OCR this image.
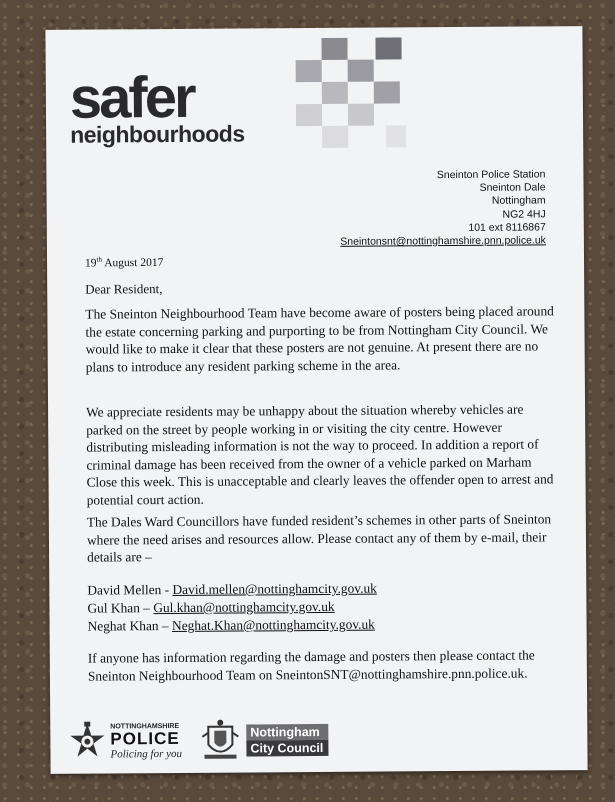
safer
neighbourhoods
Sneinton Police Station
Sneinton Dale
Nottingham
NG2 4HJ
101 ext 8116867
Sneintonsnt@nottinghamshire.pnn.police.uk
19th August 2017
Dear Resident,

The Sneinton Neighbourhood Team have become aware of posters being placed around the estate concerning parking and purporting to be from Nottingham City Council. We would like to make it clear that these posters are not genuine. At present there are no plans to introduce any resident parking scheme in the area.

We appreciate residents may be unhappy about the situation whereby vehicles are parked on the street by people working in or visiting the city centre. However distributing misleading information is not the way to proceed. In addition a report of criminal damage has been received from the owner of a vehicle parked on Marham Close this week. This is unacceptable and clearly leaves the offender open to arrest and potential court action.

The Dales Ward Councillors have funded resident’s schemes in other parts of Sneinton where the need arises and resources allow. Please contact any of them by e-mail, their details are –

David Mellen - David.mellen@nottinghamcity.gov.uk
Gul Khan – Gul.khan@nottinghamcity.gov.uk
Neghat Khan – Neghat.Khan@nottinghamcity.gov.uk

If anyone has information regarding the damage and posters then please contact the Sneinton Neighbourhood Team on SneintonSNT@nottinghamshire.pnn.police.uk.

NOTTINGHAMSHIRE
POLICE
Policing for you
Nottingham
City Council
